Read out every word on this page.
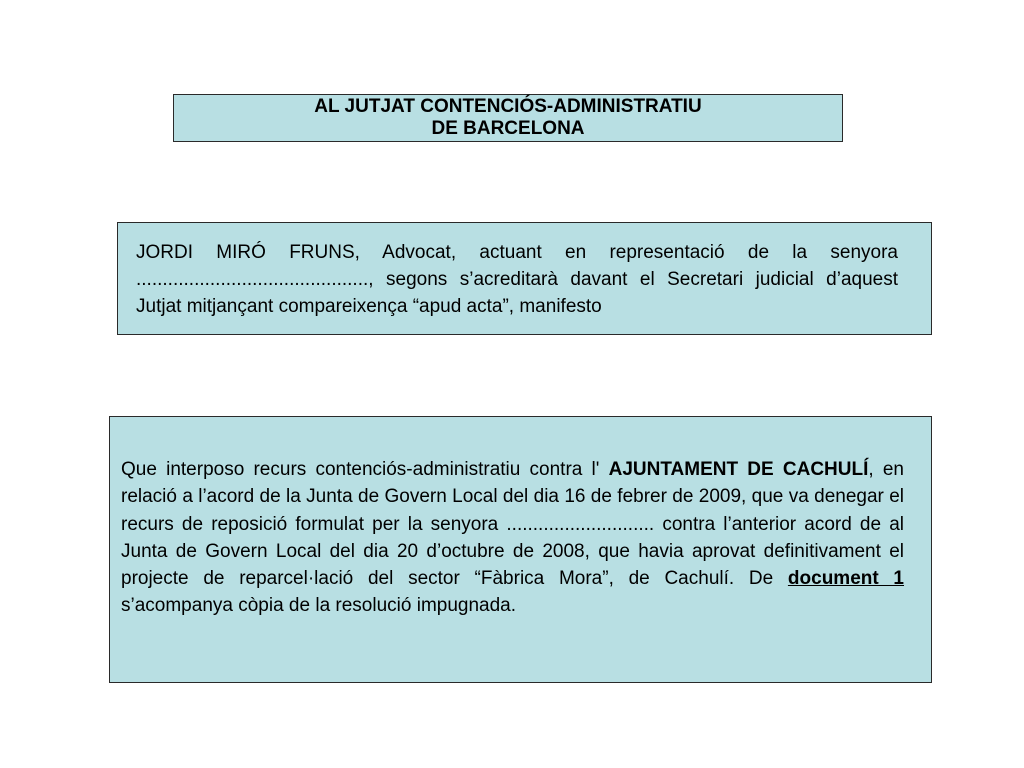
AL JUTJAT CONTENCIÓS-ADMINISTRATIU
DE BARCELONA
JORDI MIRÓ FRUNS, Advocat, actuant en representació de la senyora ............................................, segons s’acreditarà davant el Secretari judicial d’aquest Jutjat mitjançant compareixença “apud acta”, manifesto
Que interposo recurs contenciós-administratiu contra l' AJUNTAMENT DE CACHULÍ, en relació a l’acord de la Junta de Govern Local del dia 16 de febrer de 2009, que va denegar el recurs de reposició formulat per la senyora ............................ contra l’anterior acord de al Junta de Govern Local del dia 20 d’octubre de 2008, que havia aprovat definitivament el projecte de reparcel·lació del sector “Fàbrica Mora”, de Cachulí. De document 1 s’acompanya còpia de la resolució impugnada.
